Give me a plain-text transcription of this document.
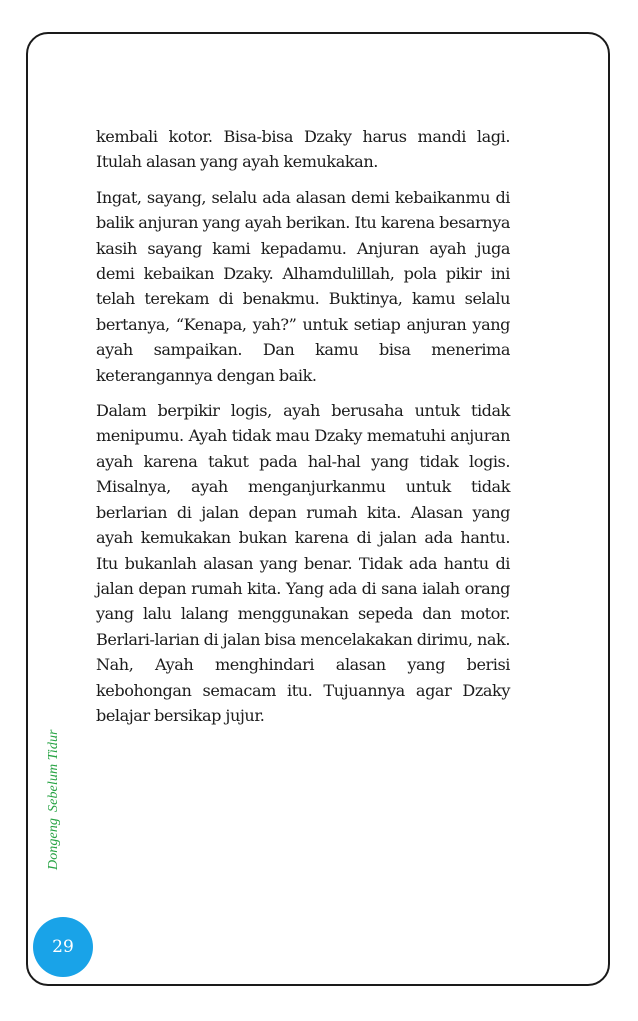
kembali kotor. Bisa-bisa Dzaky harus mandi lagi. Itulah alasan yang ayah kemukakan.

Ingat, sayang, selalu ada alasan demi kebaikanmu di balik anjuran yang ayah berikan. Itu karena besarnya kasih sayang kami kepadamu. Anjuran ayah juga demi kebaikan Dzaky. Alhamdulillah, pola pikir ini telah terekam di benakmu. Buktinya, kamu selalu bertanya, “Kenapa, yah?” untuk setiap anjuran yang ayah sampaikan. Dan kamu bisa menerima keterangannya dengan baik.

Dalam berpikir logis, ayah berusaha untuk tidak menipumu. Ayah tidak mau Dzaky mematuhi anjuran ayah karena takut pada hal-hal yang tidak logis. Misalnya, ayah menganjurkanmu untuk tidak berlarian di jalan depan rumah kita. Alasan yang ayah kemukakan bukan karena di jalan ada hantu. Itu bukanlah alasan yang benar. Tidak ada hantu di jalan depan rumah kita. Yang ada di sana ialah orang yang lalu lalang menggunakan sepeda dan motor. Berlari-larian di jalan bisa mencelakakan dirimu, nak. Nah, Ayah menghindari alasan yang berisi kebohongan semacam itu. Tujuannya agar Dzaky belajar bersikap jujur.

DongengSebelum Tidur
29
